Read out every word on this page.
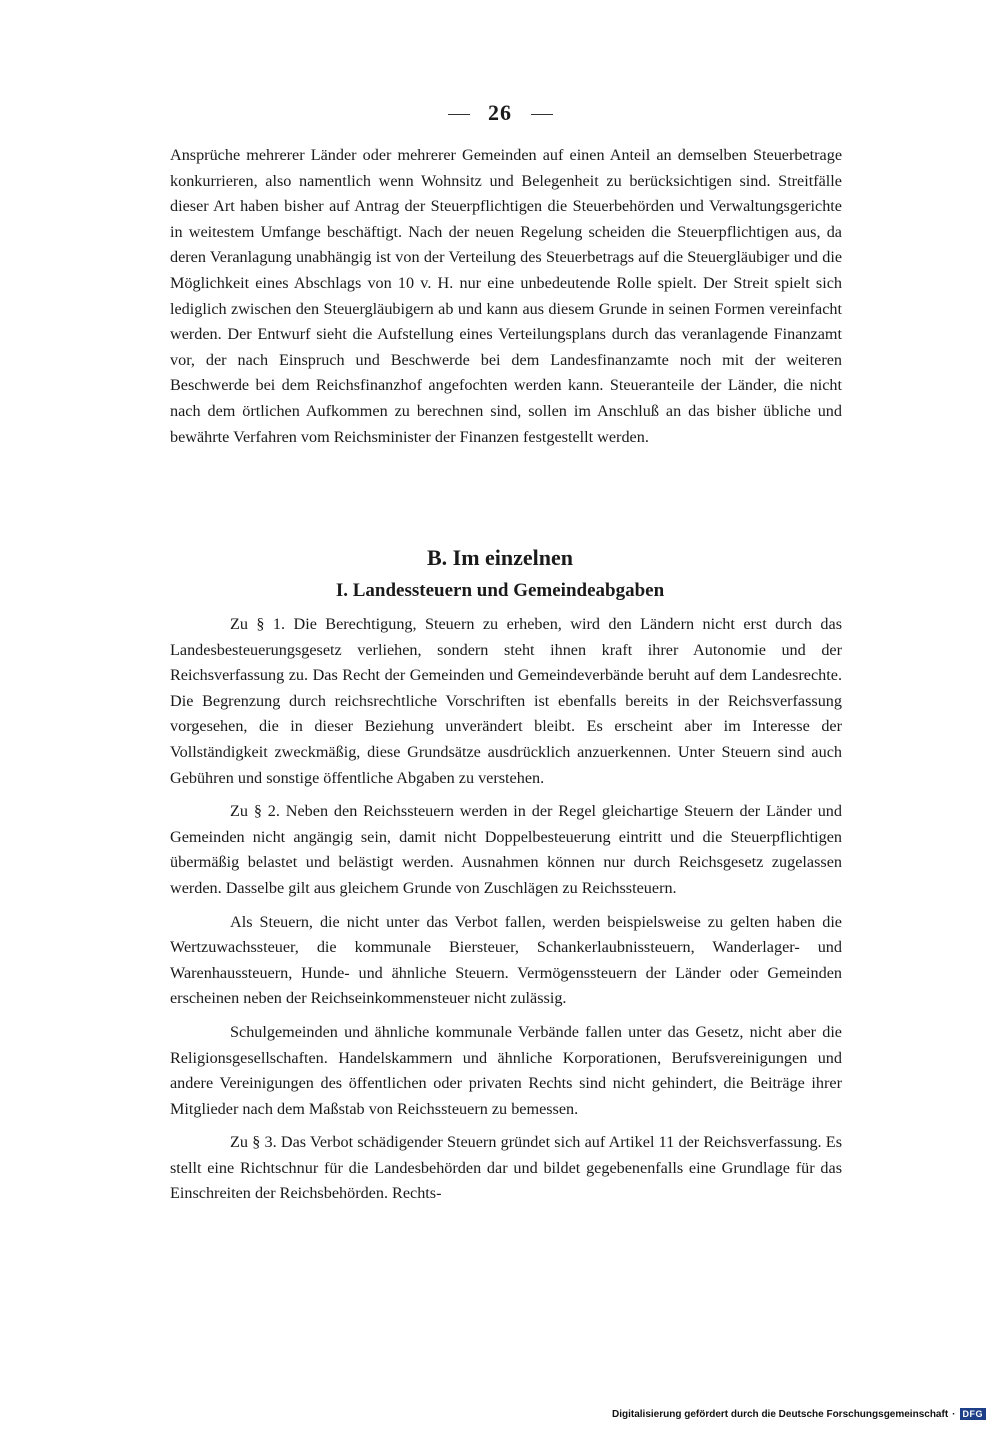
26

Ansprüche mehrerer Länder oder mehrerer Gemeinden auf einen Anteil an demselben Steuerbetrage konkurrieren, also namentlich wenn Wohnsitz und Belegenheit zu berücksichtigen sind. Streitfälle dieser Art haben bisher auf Antrag der Steuerpflichtigen die Steuerbehörden und Verwaltungsgerichte in weitestem Umfange beschäftigt. Nach der neuen Regelung scheiden die Steuerpflichtigen aus, da deren Veranlagung unabhängig ist von der Verteilung des Steuerbetrags auf die Steuergläubiger und die Möglichkeit eines Abschlags von 10 v. H. nur eine unbedeutende Rolle spielt. Der Streit spielt sich lediglich zwischen den Steuergläubigern ab und kann aus diesem Grunde in seinen Formen vereinfacht werden. Der Entwurf sieht die Aufstellung eines Verteilungsplans durch das veranlagende Finanzamt vor, der nach Einspruch und Beschwerde bei dem Landesfinanzamte noch mit der weiteren Beschwerde bei dem Reichsfinanzhof angefochten werden kann. Steueranteile der Länder, die nicht nach dem örtlichen Aufkommen zu berechnen sind, sollen im Anschluß an das bisher übliche und bewährte Verfahren vom Reichsminister der Finanzen festgestellt werden.

B. Im einzelnen
I. Landessteuern und Gemeindeabgaben

Zu § 1. Die Berechtigung, Steuern zu erheben, wird den Ländern nicht erst durch das Landesbesteuerungsgesetz verliehen, sondern steht ihnen kraft ihrer Autonomie und der Reichsverfassung zu. Das Recht der Gemeinden und Gemeindeverbände beruht auf dem Landesrechte. Die Begrenzung durch reichsrechtliche Vorschriften ist ebenfalls bereits in der Reichsverfassung vorgesehen, die in dieser Beziehung unverändert bleibt. Es erscheint aber im Interesse der Vollständigkeit zweckmäßig, diese Grundsätze ausdrücklich anzuerkennen. Unter Steuern sind auch Gebühren und sonstige öffentliche Abgaben zu verstehen.

Zu § 2. Neben den Reichssteuern werden in der Regel gleichartige Steuern der Länder und Gemeinden nicht angängig sein, damit nicht Doppelbesteuerung eintritt und die Steuerpflichtigen übermäßig belastet und belästigt werden. Ausnahmen können nur durch Reichsgesetz zugelassen werden. Dasselbe gilt aus gleichem Grunde von Zuschlägen zu Reichssteuern.

Als Steuern, die nicht unter das Verbot fallen, werden beispielsweise zu gelten haben die Wertzuwachssteuer, die kommunale Biersteuer, Schankerlaubnissteuern, Wanderlager- und Warenhaussteuern, Hunde- und ähnliche Steuern. Vermögenssteuern der Länder oder Gemeinden erscheinen neben der Reichseinkommensteuer nicht zulässig.

Schulgemeinden und ähnliche kommunale Verbände fallen unter das Gesetz, nicht aber die Religionsgesellschaften. Handelskammern und ähnliche Korporationen, Berufsvereinigungen und andere Vereinigungen des öffentlichen oder privaten Rechts sind nicht gehindert, die Beiträge ihrer Mitglieder nach dem Maßstab von Reichssteuern zu bemessen.

Zu § 3. Das Verbot schädigender Steuern gründet sich auf Artikel 11 der Reichsverfassung. Es stellt eine Richtschnur für die Landesbehörden dar und bildet gegebenenfalls eine Grundlage für das Einschreiten der Reichsbehörden. Rechts-

Digitalisierung gefördert durch die Deutsche Forschungsgemeinschaft · DFG
